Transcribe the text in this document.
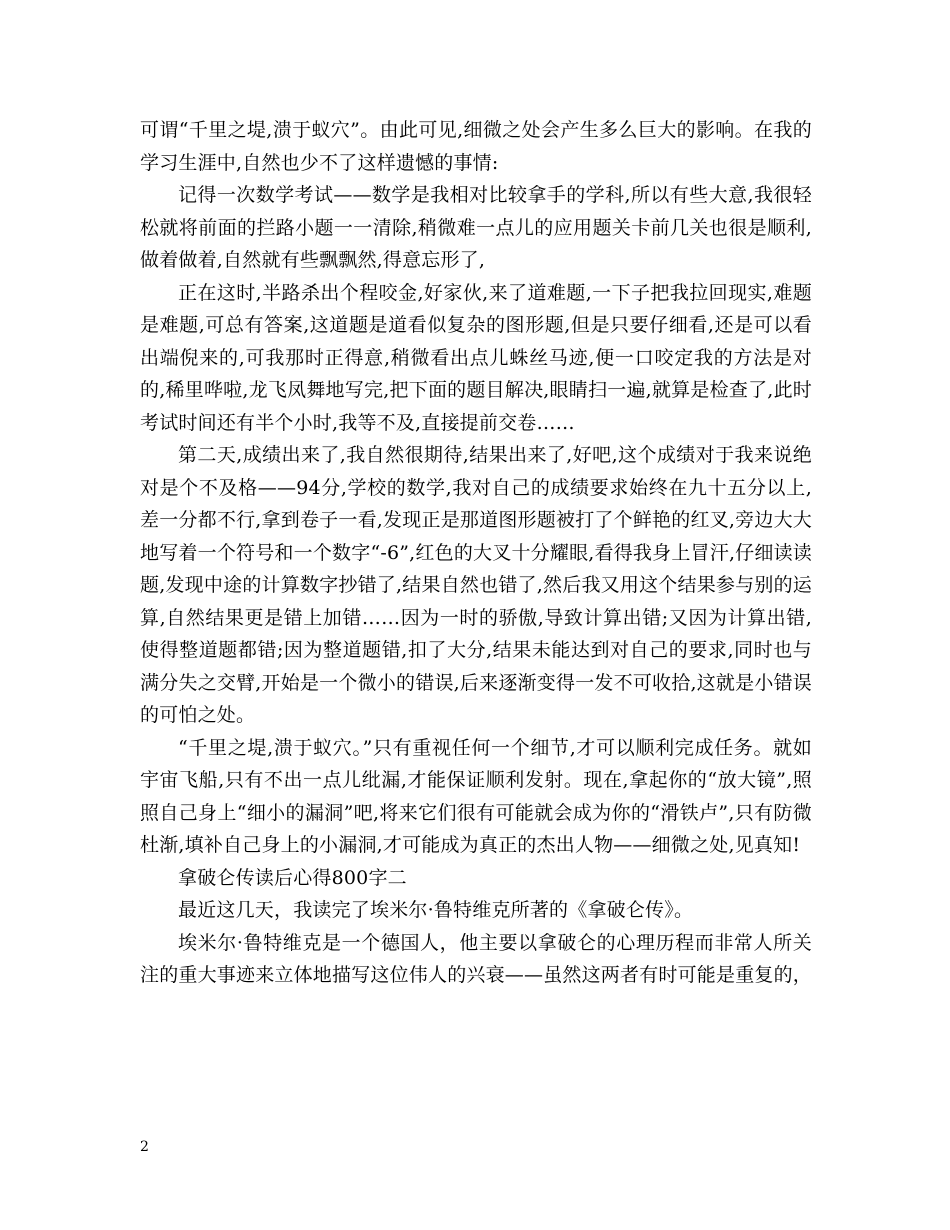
可谓“千里之堤,溃于蚁穴”。由此可见,细微之处会产生多么巨大的影响。在我的学习生涯中,自然也少不了这样遗憾的事情:

记得一次数学考试——数学是我相对比较拿手的学科,所以有些大意,我很轻松就将前面的拦路小题一一清除,稍微难一点儿的应用题关卡前几关也很是顺利,做着做着,自然就有些飘飘然,得意忘形了,

正在这时,半路杀出个程咬金,好家伙,来了道难题,一下子把我拉回现实,难题是难题,可总有答案,这道题是道看似复杂的图形题,但是只要仔细看,还是可以看出端倪来的,可我那时正得意,稍微看出点儿蛛丝马迹,便一口咬定我的方法是对的,稀里哗啦,龙飞凤舞地写完,把下面的题目解决,眼睛扫一遍,就算是检查了,此时考试时间还有半个小时,我等不及,直接提前交卷……

第二天,成绩出来了,我自然很期待,结果出来了,好吧,这个成绩对于我来说绝对是个不及格——94分,学校的数学,我对自己的成绩要求始终在九十五分以上,差一分都不行,拿到卷子一看,发现正是那道图形题被打了个鲜艳的红叉,旁边大大地写着一个符号和一个数字“-6”,红色的大叉十分耀眼,看得我身上冒汗,仔细读读题,发现中途的计算数字抄错了,结果自然也错了,然后我又用这个结果参与别的运算,自然结果更是错上加错……因为一时的骄傲,导致计算出错;又因为计算出错,使得整道题都错;因为整道题错,扣了大分,结果未能达到对自己的要求,同时也与满分失之交臂,开始是一个微小的错误,后来逐渐变得一发不可收拾,这就是小错误的可怕之处。

“千里之堤,溃于蚁穴。”只有重视任何一个细节,才可以顺利完成任务。就如宇宙飞船,只有不出一点儿纰漏,才能保证顺利发射。现在,拿起你的“放大镜”,照照自己身上“细小的漏洞”吧,将来它们很有可能就会成为你的“滑铁卢”,只有防微杜渐,填补自己身上的小漏洞,才可能成为真正的杰出人物——细微之处,见真知!

拿破仑传读后心得800字二

最近这几天，我读完了埃米尔·鲁特维克所著的《拿破仑传》。

埃米尔·鲁特维克是一个德国人，他主要以拿破仑的心理历程而非常人所关注的重大事迹来立体地描写这位伟人的兴衰——虽然这两者有时可能是重复的，

2
